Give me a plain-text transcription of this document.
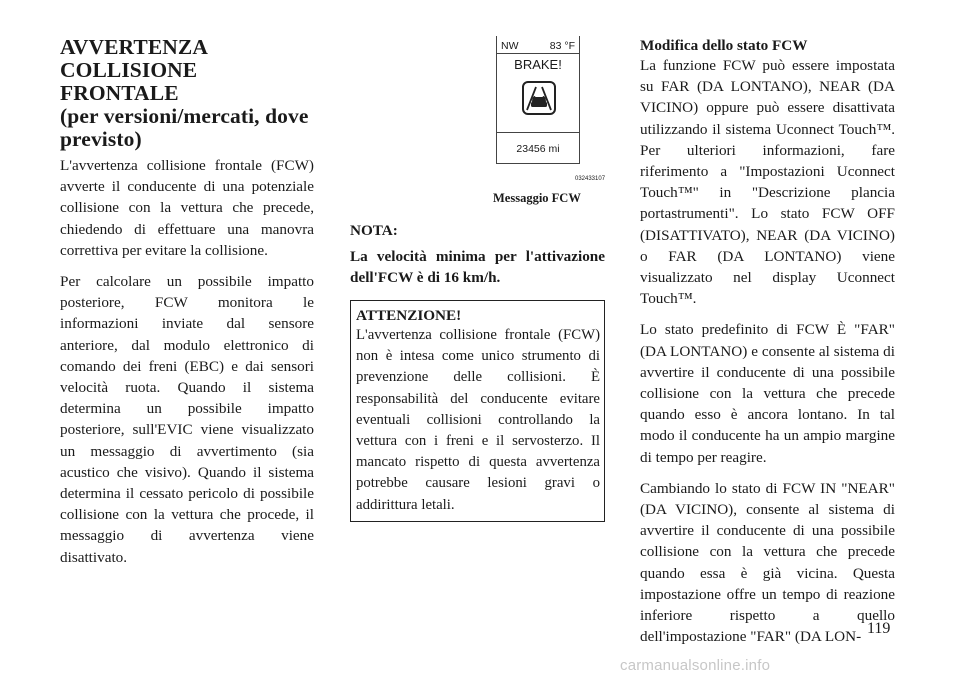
AVVERTENZA
COLLISIONE FRONTALE
(per versioni/mercati, dove
previsto)

L'avvertenza collisione frontale (FCW) avverte il conducente di una potenziale collisione con la vettura che precede, chiedendo di effettuare una manovra correttiva per evitare la collisione.

Per calcolare un possibile impatto posteriore, FCW monitora le informazioni inviate dal sensore anteriore, dal modulo elettronico di comando dei freni (EBC) e dai sensori velocità ruota. Quando il sistema determina un possibile impatto posteriore, sull'EVIC viene visualizzato un messaggio di avvertimento (sia acustico che visivo). Quando il sistema determina il cessato pericolo di possibile collisione con la vettura che procede, il messaggio di avvertenza viene disattivato.

NW	83 °F
BRAKE!
23456 mi
032433107
Messaggio FCW
NOTA:

La velocità minima per l'attivazione dell'FCW è di 16 km/h.

ATTENZIONE!

L'avvertenza collisione frontale (FCW) non è intesa come unico strumento di prevenzione delle collisioni. È responsabilità del conducente evitare eventuali collisioni controllando la vettura con i freni e il servosterzo. Il mancato rispetto di questa avvertenza potrebbe causare lesioni gravi o addirittura letali.

Modifica dello stato FCW

La funzione FCW può essere impostata su FAR (DA LONTANO), NEAR (DA VICINO) oppure può essere disattivata utilizzando il sistema Uconnect Touch™. Per ulteriori informazioni, fare riferimento a "Impostazioni Uconnect Touch™" in "Descrizione plancia portastrumenti". Lo stato FCW OFF (DISATTIVATO), NEAR (DA VICINO) o FAR (DA LONTANO) viene visualizzato nel display Uconnect Touch™.

Lo stato predefinito di FCW È "FAR" (DA LONTANO) e consente al sistema di avvertire il conducente di una possibile collisione con la vettura che precede quando esso è ancora lontano. In tal modo il conducente ha un ampio margine di tempo per reagire.

Cambiando lo stato di FCW IN "NEAR" (DA VICINO), consente al sistema di avvertire il conducente di una possibile collisione con la vettura che precede quando essa è già vicina. Questa impostazione offre un tempo di reazione inferiore rispetto a quello dell'impostazione "FAR" (DA LON- 119
carmanualsonline.info
